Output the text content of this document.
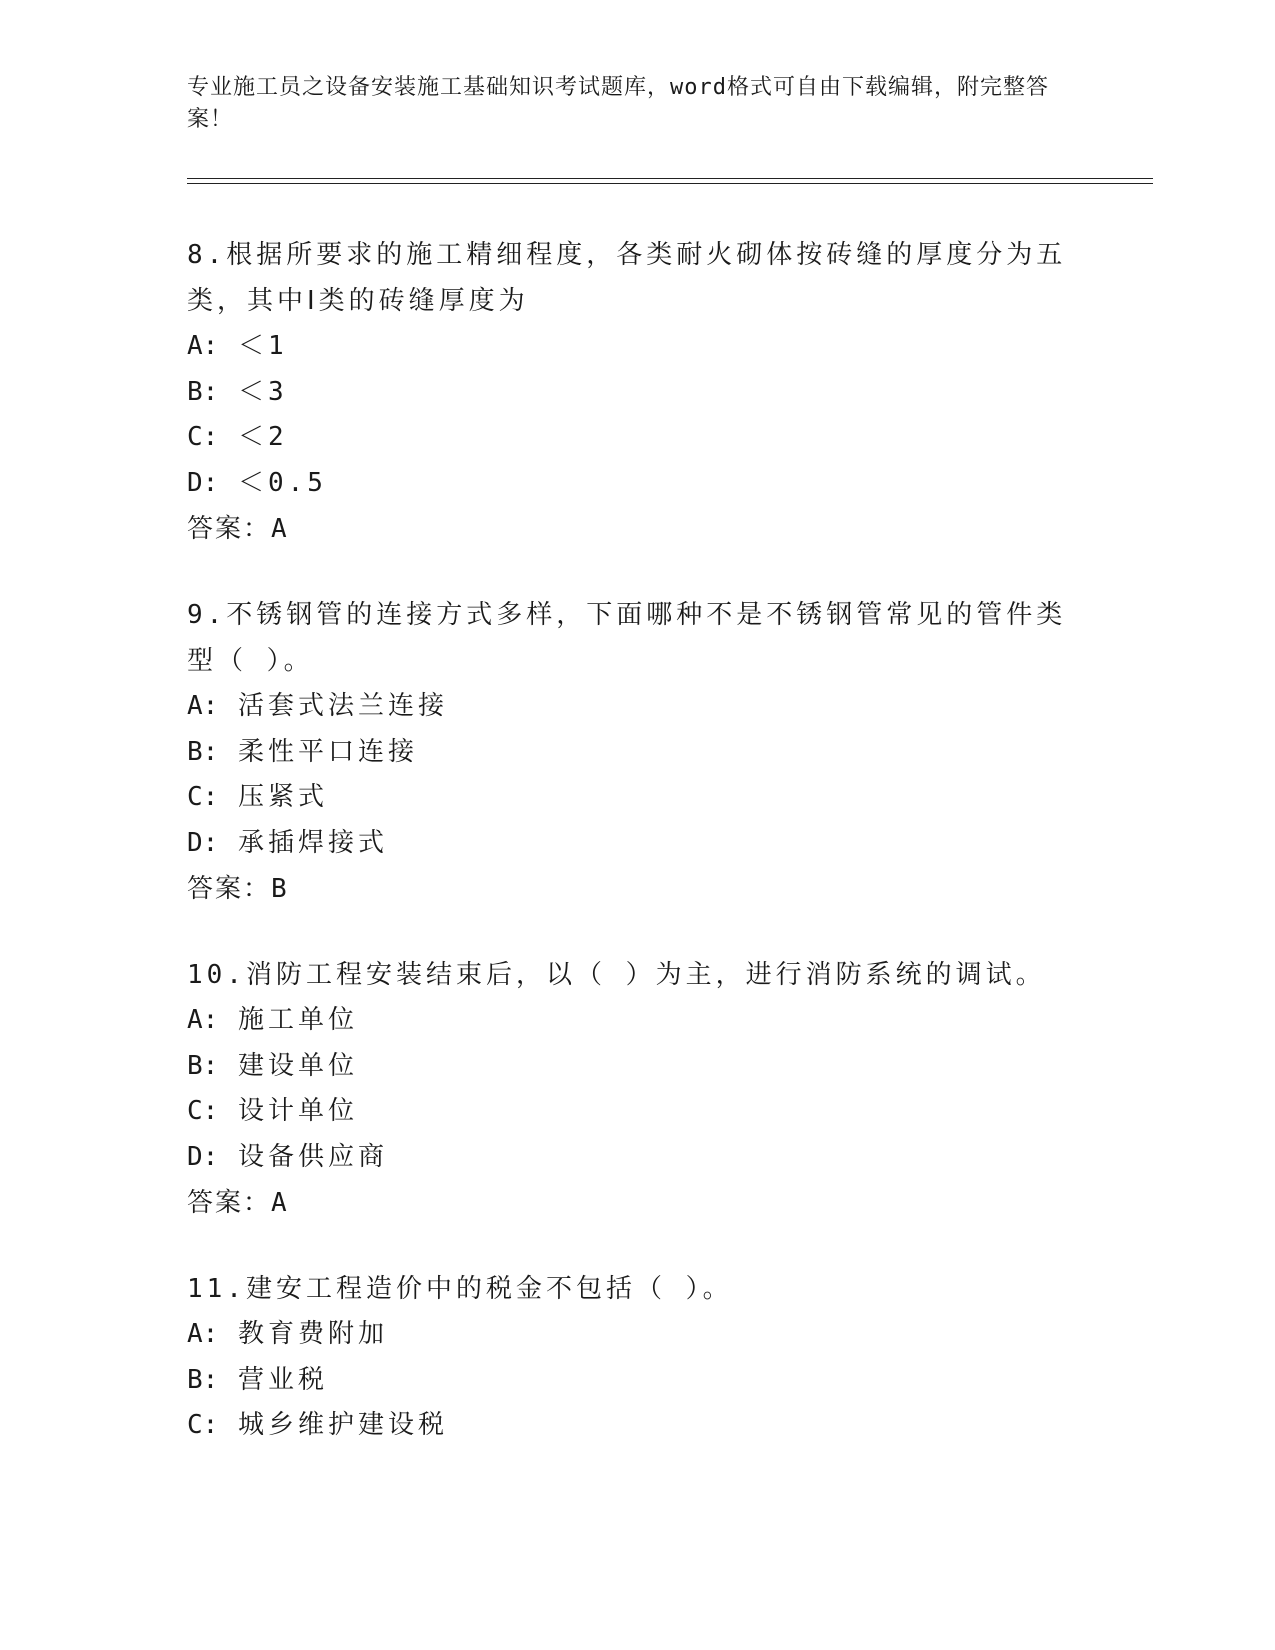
专业施工员之设备安装施工基础知识考试题库，word格式可自由下载编辑，附完整答案！
8.根据所要求的施工精细程度，各类耐火砌体按砖缝的厚度分为五类，其中Ⅰ类的砖缝厚度为
A: ＜1
B: ＜3
C: ＜2
D: ＜0.5
答案：A
9.不锈钢管的连接方式多样，下面哪种不是不锈钢管常见的管件类型（ ）。
A: 活套式法兰连接
B: 柔性平口连接
C: 压紧式
D: 承插焊接式
答案：B
10.消防工程安装结束后，以（ ）为主，进行消防系统的调试。
A: 施工单位
B: 建设单位
C: 设计单位
D: 设备供应商
答案：A
11.建安工程造价中的税金不包括（ ）。
A: 教育费附加
B: 营业税
C: 城乡维护建设税
